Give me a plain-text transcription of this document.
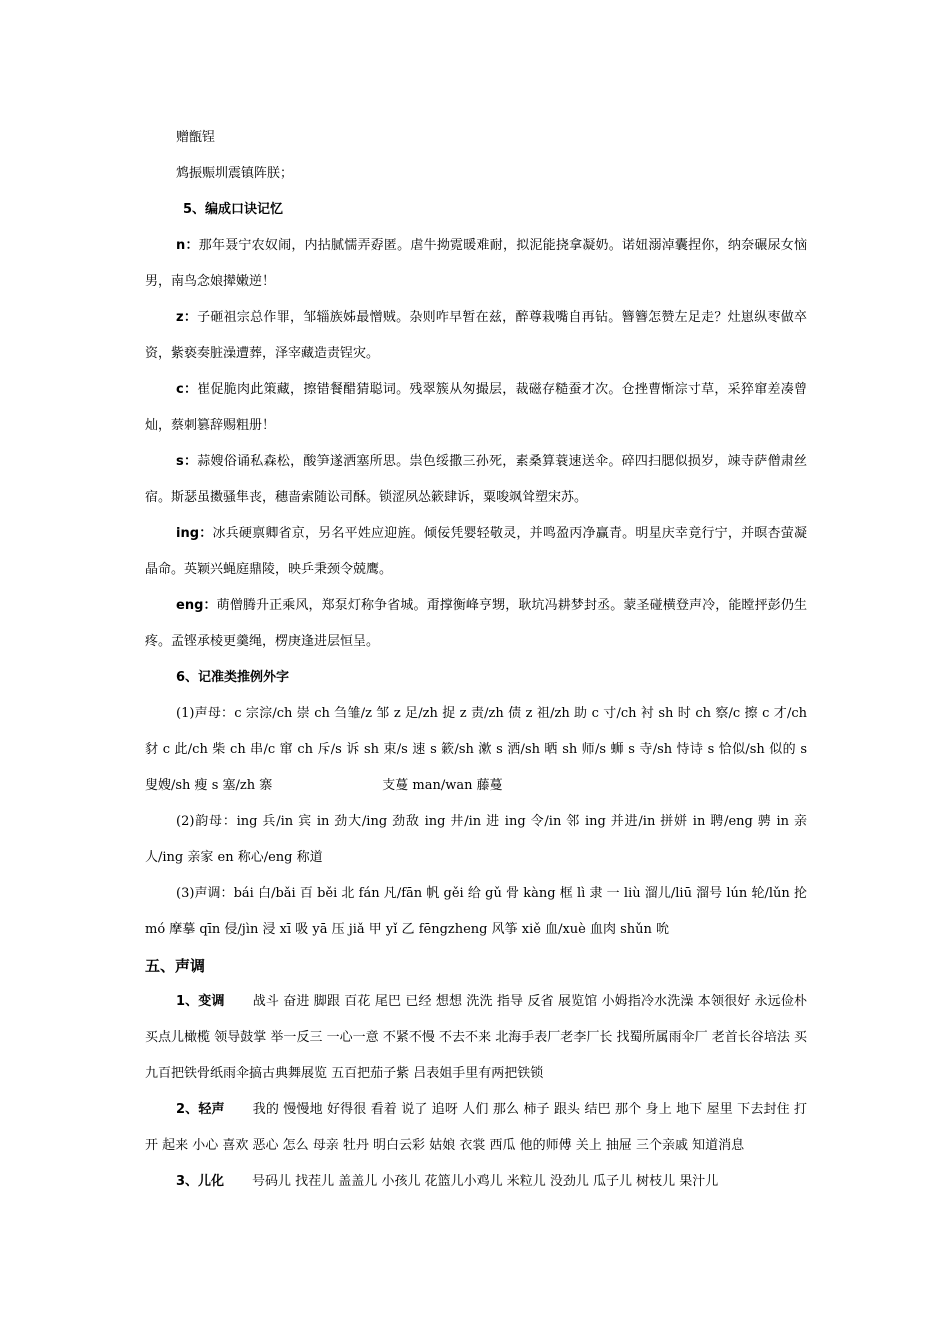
赠甑锃

鸩振赈圳震镇阵朕；

5、编成口诀记忆

n：那年聂宁农奴闹，内拈腻懦弄孬匿。虐牛拗霓暖难耐，拟泥能挠拿凝奶。诺妞溺淖囊捏你，纳奈碾尿女恼男，南鸟念娘撵嫩逆！

z：子砸祖宗总作罪，邹辎族姊最憎贼。杂则咋早暂在兹，醉尊栽嘴自再钻。簪簪怎赞左足走？灶崽纵枣做卒资，紫亵奏脏澡遭葬，泽宰藏造责锃灾。

c：崔促脆肉此策藏，擦错餐醋猜聪词。残翠簇从匆撮层，裁磁存糙蚕才次。仓挫曹惭淙寸草，采猝窜差凑曾灿，蔡刺篡辞赐粗册！

s：蒜嫂俗诵私森松，酸笋遂洒塞所思。祟色绥撒三孙死，素桑算蓑速送伞。碎四扫腮似损岁，竦寺萨僧肃丝宿。斯瑟虽擞骚隼丧，穗啬索随讼司酥。锁涩夙怂簌肆诉，粟唆飒耸塑宋苏。

ing：冰兵硬禀卿省京，另名平姓应迎旌。倾佞凭婴轻敬灵，并鸣盈丙净赢青。明星庆幸竟行宁，并暝杏萤凝晶命。英颖兴蝇庭鼎陵，映乒秉颈令兢鹰。

eng：萌僧腾升正乘风，郑泵灯称争省城。甭撑衡峰亨甥，耿坑冯耕梦封丞。蒙圣碰横登声冷，能瞠抨彭仍生疼。孟铿承棱更羹绳，楞庚逢进层恒呈。

6、记准类推例外字

(1)声母：c 宗淙/ch 崇 ch 刍雏/z 邹 z 足/zh 捉 z 责/zh 债 z 祖/zh 助 c 寸/ch 衬 sh 时 ch 察/c 擦 c 才/ch 豺 c 此/ch 柴 ch 串/c 窜 ch 斥/s 诉 sh 束/s 速 s 簌/sh 漱 s 洒/sh 晒 sh 师/s 蛳 s 寺/sh 恃诗 s 恰似/sh 似的 s 叟嫂/sh 瘦 s 塞/zh 寨	支蔓 man/wan 藤蔓

(2)韵母：ing 兵/in 宾 in 劲大/ing 劲敌 ing 井/in 进 ing 令/in 邻 ing 并进/in 拼姘 in 聘/eng 骋 in 亲人/ing 亲家 en 称心/eng 称道

(3)声调：bái 白/bǎi 百 běi 北 fán 凡/fān 帆 gěi 给 gǔ 骨 kàng 框 lì 隶 一 liù 溜儿/liū 溜号 lún 轮/lǔn 抡 mó 摩摹 qīn 侵/jìn 浸 xī 吸 yā 压 jiǎ 甲 yǐ 乙 fēngzheng 风筝 xiě 血/xuè 血肉 shǔn 吮

五、声调

1、变调 战斗 奋进 脚跟 百花 尾巴 已经 想想 洗洗 指导 反省 展览馆 小姆指冷水洗澡 本领很好 永远俭朴买点儿橄榄 领导鼓掌 举一反三 一心一意 不紧不慢 不去不来 北海手表厂老李厂长 找蜀所属雨伞厂 老首长谷培法 买九百把铁骨纸雨伞搞古典舞展览 五百把茄子紫 吕表姐手里有两把铁锁

2、轻声 我的 慢慢地 好得很 看着 说了 追呀 人们 那么 柿子 跟头 结巴 那个 身上 地下 屋里 下去封住 打开 起来 小心 喜欢 恶心 怎么 母亲 牡丹 明白云彩 姑娘 衣裳 西瓜 他的师傅 关上 抽屉 三个亲戚 知道消息

3、儿化 号码儿 找茬儿 盖盖儿 小孩儿 花篮儿小鸡儿 米粒儿 没劲儿 瓜子儿 树枝儿 果汁儿
